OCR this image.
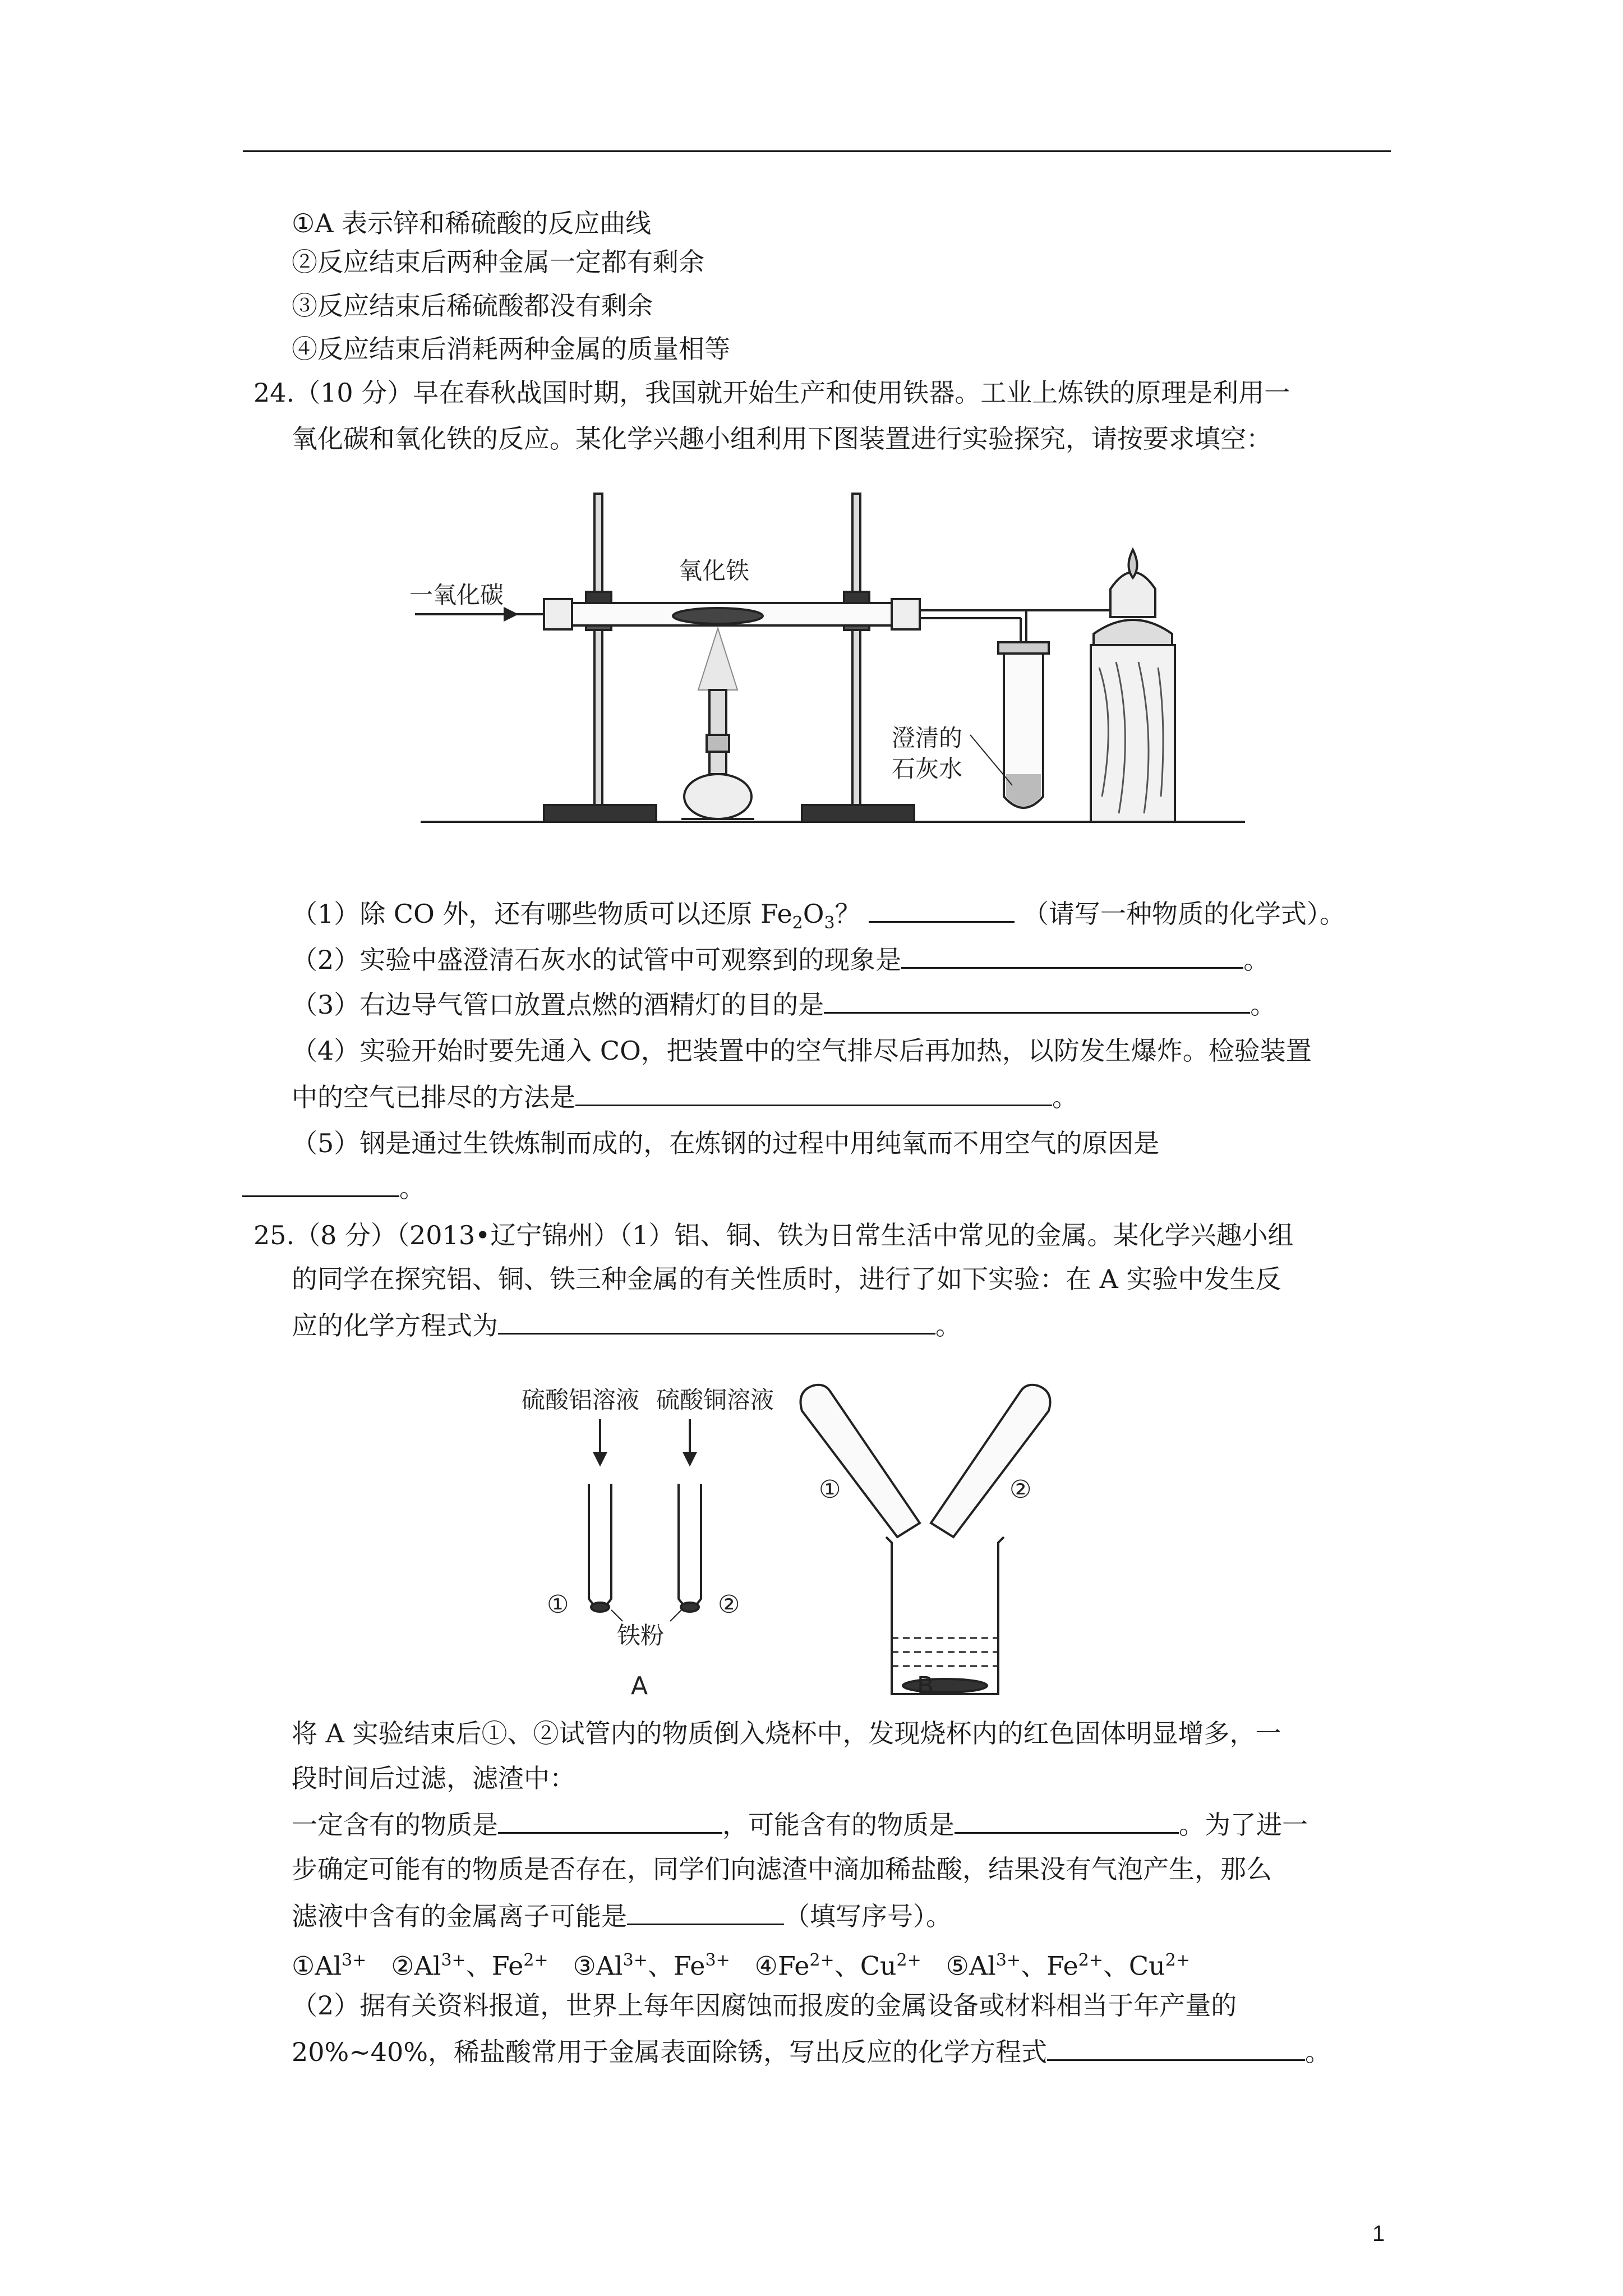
①A 表示锌和稀硫酸的反应曲线
②反应结束后两种金属一定都有剩余
③反应结束后稀硫酸都没有剩余
④反应结束后消耗两种金属的质量相等
24.（10 分）早在春秋战国时期，我国就开始生产和使用铁器。工业上炼铁的原理是利用一
氧化碳和氧化铁的反应。某化学兴趣小组利用下图装置进行实验探究，请按要求填空：
一氧化碳
氧化铁
澄清的
石灰水
（1）除 CO 外，还有哪些物质可以还原 $Fe_2O_3$？	（请写一种物质的化学式）。
（2）实验中盛澄清石灰水的试管中可观察到的现象是	。
（3）右边导气管口放置点燃的酒精灯的目的是	。
（4）实验开始时要先通入 CO，把装置中的空气排尽后再加热，以防发生爆炸。检验装置
中的空气已排尽的方法是	。
（5）钢是通过生铁炼制而成的，在炼钢的过程中用纯氧而不用空气的原因是
。
25.（8 分）（2013•辽宁锦州）（1）铝、铜、铁为日常生活中常见的金属。某化学兴趣小组
的同学在探究铝、铜、铁三种金属的有关性质时，进行了如下实验：在 A 实验中发生反
应的化学方程式为	。
硫酸铝溶液 硫酸铜溶液
①	②
铁粉
①	②
A	B
将 A 实验结束后①、②试管内的物质倒入烧杯中，发现烧杯内的红色固体明显增多，一
段时间后过滤，滤渣中：
一定含有的物质是	，可能含有的物质是	。为了进一
步确定可能有的物质是否存在，同学们向滤渣中滴加稀盐酸，结果没有气泡产生，那么
滤液中含有的金属离子可能是	（填写序号）。
$①Al^{3+}$ $②Al^{3+}$、$Fe^{2+}$ $③Al^{3+}$、$Fe^{3+}$ $④Fe^{2+}$、$Cu^{2+}$ $⑤Al^{3+}$、$Fe^{2+}$、$Cu^{2+}$
（2）据有关资料报道，世界上每年因腐蚀而报废的金属设备或材料相当于年产量的
20%~40%，稀盐酸常用于金属表面除锈，写出反应的化学方程式	。
1
